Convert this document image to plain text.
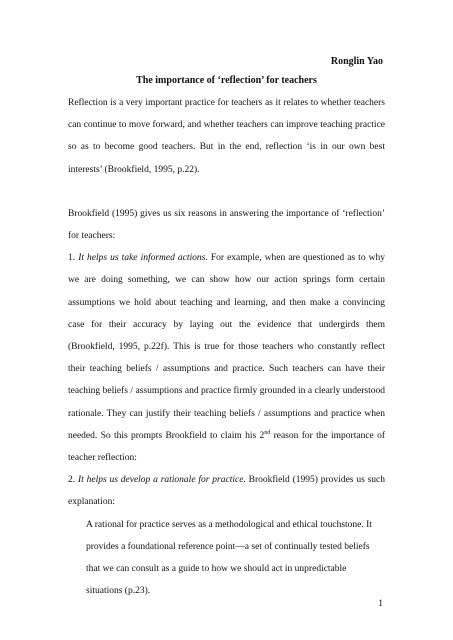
Ronglin Yao
The importance of ‘reflection’ for teachers

Reflection is a very important practice for teachers as it relates to whether teachers can continue to move forward, and whether teachers can improve teaching practice so as to become good teachers. But in the end, reflection ‘is in our own best interests’ (Brookfield, 1995, p.22).

Brookfield (1995) gives us six reasons in answering the importance of ‘reflection’ for teachers:

1. It helps us take informed actions. For example, when are questioned as to why we are doing something, we can show how our action springs form certain assumptions we hold about teaching and learning, and then make a convincing case for their accuracy by laying out the evidence that undergirds them (Brookfield, 1995, p.22f). This is true for those teachers who constantly reflect their teaching beliefs / assumptions and practice. Such teachers can have their teaching beliefs / assumptions and practice firmly grounded in a clearly understood rationale. They can justify their teaching beliefs / assumptions and practice when needed. So this prompts Brookfield to claim his 2nd reason for the importance of teacher reflection:

2. It helps us develop a rationale for practice. Brookfield (1995) provides us such explanation:

A rational for practice serves as a methodological and ethical touchstone. It provides a foundational reference point—a set of continually tested beliefs that we can consult as a guide to how we should act in unpredictable situations (p.23).

1
